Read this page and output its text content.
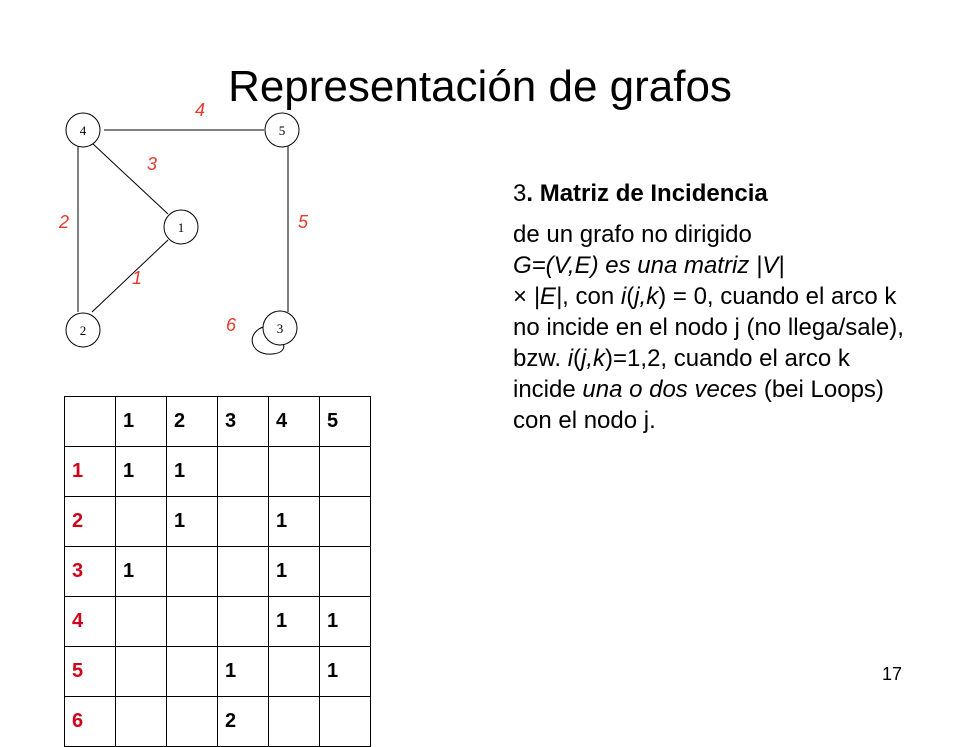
Representación de grafos
1
2	3
4	5
1
2
3
4
5
6

3. Matriz de Incidencia

de un grafo no dirigido
G=(V,E) es una matriz |V|
× |E|, con i(j,k) = 0, cuando el arco k no incide en el nodo j (no llega/sale), bzw. i(j,k)=1,2, cuando el arco k incide una o dos veces (bei Loops) con el nodo j.

	1	2	3	4	5
1	1	1			
2		1		1	
3	1			1	
4				1	1
5			1		1
6			2		
17
